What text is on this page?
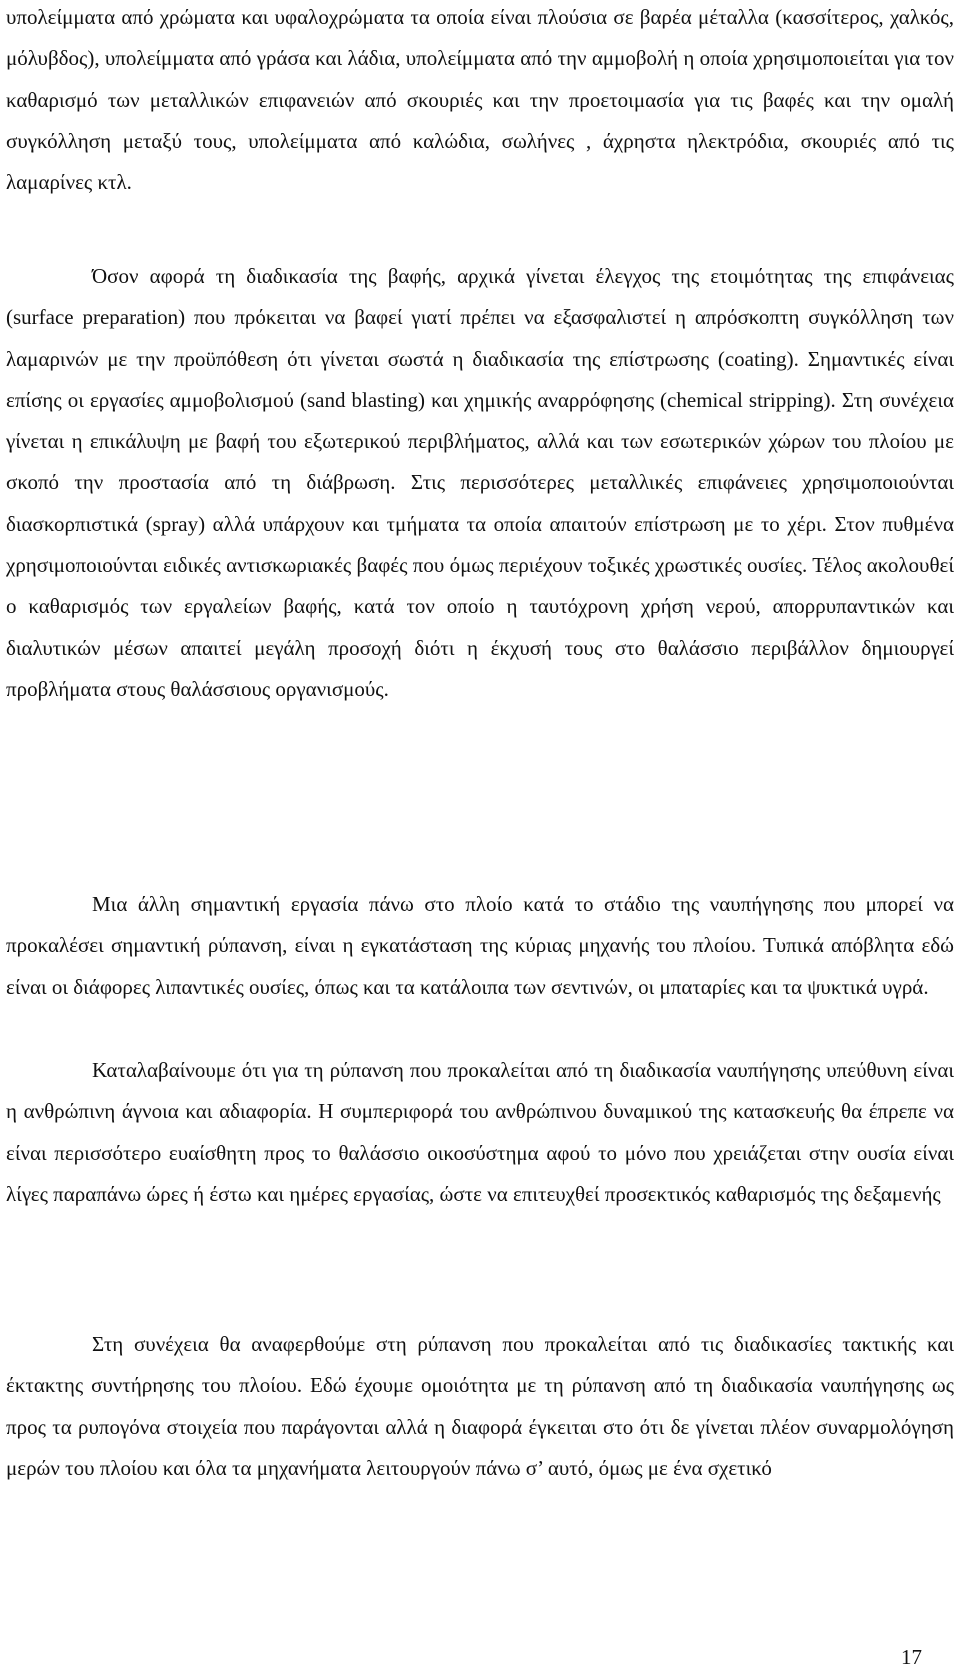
υπολείμματα από χρώματα και υφαλοχρώματα τα οποία είναι πλούσια σε βαρέα μέταλλα (κασσίτερος, χαλκός, μόλυβδος), υπολείμματα από γράσα και λάδια, υπολείμματα από την αμμοβολή η οποία χρησιμοποιείται για τον καθαρισμό των μεταλλικών επιφανειών από σκουριές και την προετοιμασία για τις βαφές και την ομαλή συγκόλληση μεταξύ τους, υπολείμματα από καλώδια, σωλήνες , άχρηστα ηλεκτρόδια, σκουριές από τις λαμαρίνες κτλ.

Όσον αφορά τη διαδικασία της βαφής, αρχικά γίνεται έλεγχος της ετοιμότητας της επιφάνειας (surface preparation) που πρόκειται να βαφεί γιατί πρέπει να εξασφαλιστεί η απρόσκοπτη συγκόλληση των λαμαρινών με την προϋπόθεση ότι γίνεται σωστά η διαδικασία της επίστρωσης (coating). Σημαντικές είναι επίσης οι εργασίες αμμοβολισμού (sand blasting) και χημικής αναρρόφησης (chemical stripping). Στη συνέχεια γίνεται η επικάλυψη με βαφή του εξωτερικού περιβλήματος, αλλά και των εσωτερικών χώρων του πλοίου με σκοπό την προστασία από τη διάβρωση. Στις περισσότερες μεταλλικές επιφάνειες χρησιμοποιούνται διασκορπιστικά (spray) αλλά υπάρχουν και τμήματα τα οποία απαιτούν επίστρωση με το χέρι. Στον πυθμένα χρησιμοποιούνται ειδικές αντισκωριακές βαφές που όμως περιέχουν τοξικές χρωστικές ουσίες. Τέλος ακολουθεί ο καθαρισμός των εργαλείων βαφής, κατά τον οποίο η ταυτόχρονη χρήση νερού, απορρυπαντικών και διαλυτικών μέσων απαιτεί μεγάλη προσοχή διότι η έκχυσή τους στο θαλάσσιο περιβάλλον δημιουργεί προβλήματα στους θαλάσσιους οργανισμούς.

Μια άλλη σημαντική εργασία πάνω στο πλοίο κατά το στάδιο της ναυπήγησης που μπορεί να προκαλέσει σημαντική ρύπανση, είναι η εγκατάσταση της κύριας μηχανής του πλοίου. Τυπικά απόβλητα εδώ είναι οι διάφορες λιπαντικές ουσίες, όπως και τα κατάλοιπα των σεντινών, οι μπαταρίες και τα ψυκτικά υγρά.

Καταλαβαίνουμε ότι για τη ρύπανση που προκαλείται από τη διαδικασία ναυπήγησης υπεύθυνη είναι η ανθρώπινη άγνοια και αδιαφορία. Η συμπεριφορά του ανθρώπινου δυναμικού της κατασκευής θα έπρεπε να είναι περισσότερο ευαίσθητη προς το θαλάσσιο οικοσύστημα αφού το μόνο που χρειάζεται στην ουσία είναι λίγες παραπάνω ώρες ή έστω και ημέρες εργασίας, ώστε να επιτευχθεί προσεκτικός καθαρισμός της δεξαμενής

Στη συνέχεια θα αναφερθούμε στη ρύπανση που προκαλείται από τις διαδικασίες τακτικής και έκτακτης συντήρησης του πλοίου. Εδώ έχουμε ομοιότητα με τη ρύπανση από τη διαδικασία ναυπήγησης ως προς τα ρυπογόνα στοιχεία που παράγονται αλλά η διαφορά έγκειται στο ότι δε γίνεται πλέον συναρμολόγηση μερών του πλοίου και όλα τα μηχανήματα λειτουργούν πάνω σ’ αυτό, όμως με ένα σχετικό

17
